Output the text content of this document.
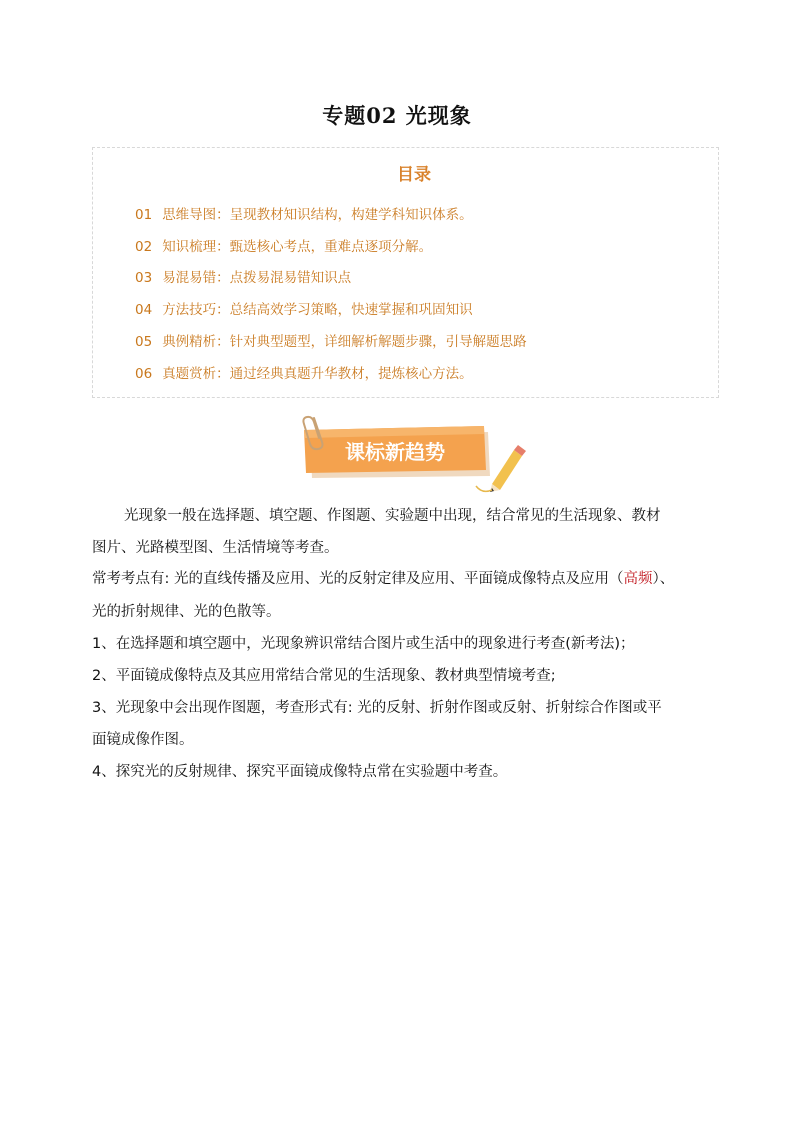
专题02 光现象
目录
01 思维导图：呈现教材知识结构，构建学科知识体系。
02 知识梳理：甄选核心考点，重难点逐项分解。
03 易混易错：点拨易混易错知识点
04 方法技巧：总结高效学习策略，快速掌握和巩固知识
05 典例精析：针对典型题型，详细解析解题步骤，引导解题思路
06 真题赏析：通过经典真题升华教材，提炼核心方法。
课标新趋势
光现象一般在选择题、填空题、作图题、实验题中出现，结合常见的生活现象、教材
图片、光路模型图、生活情境等考查。
常考考点有: 光的直线传播及应用、光的反射定律及应用、平面镜成像特点及应用（高频）、
光的折射规律、光的色散等。
1、在选择题和填空题中，光现象辨识常结合图片或生活中的现象进行考查(新考法)；
2、平面镜成像特点及其应用常结合常见的生活现象、教材典型情境考查;
3、光现象中会出现作图题，考查形式有: 光的反射、折射作图或反射、折射综合作图或平
面镜成像作图。
4、探究光的反射规律、探究平面镜成像特点常在实验题中考查。
